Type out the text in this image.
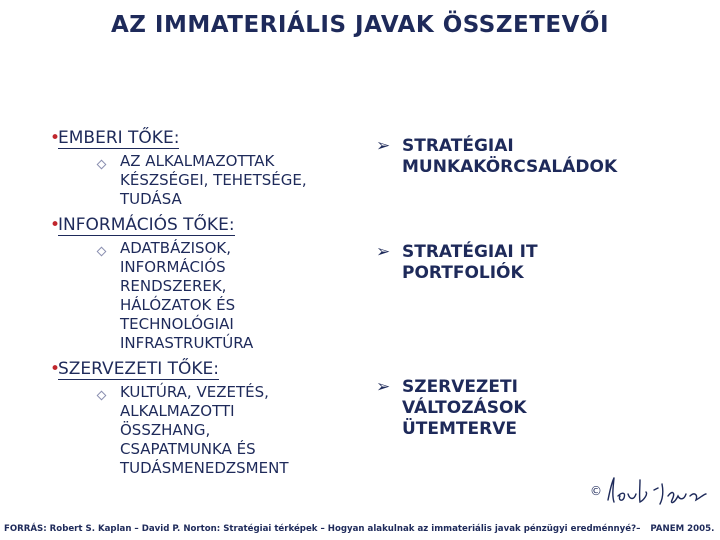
AZ IMMATERIÁLIS JAVAK ÖSSZETEVŐI
•
EMBERI TŐKE:
AZ ALKALMAZOTTAK
KÉSZSÉGEI, TEHETSÉGE,
TUDÁSA
•
INFORMÁCIÓS TŐKE:
ADATBÁZISOK,
INFORMÁCIÓS
RENDSZEREK,
HÁLÓZATOK ÉS
TECHNOLÓGIAI
INFRASTRUKTÚRA
•
SZERVEZETI TŐKE:
KULTÚRA, VEZETÉS,
ALKALMAZOTTI
ÖSSZHANG,
CSAPATMUNKA ÉS
TUDÁSMENEDZSMENT
➢ STRATÉGIAI
MUNKAKÖRCSALÁDOK
➢ STRATÉGIAI IT
PORTFOLIÓK
➢ SZERVEZETI
VÁLTOZÁSOK
ÜTEMTERVE
©
FORRÁS: Robert S. Kaplan – David P. Norton: Stratégiai térképek – Hogyan alakulnak az immateriális javak pénzügyi eredménnyé?– PANEM 2005.
